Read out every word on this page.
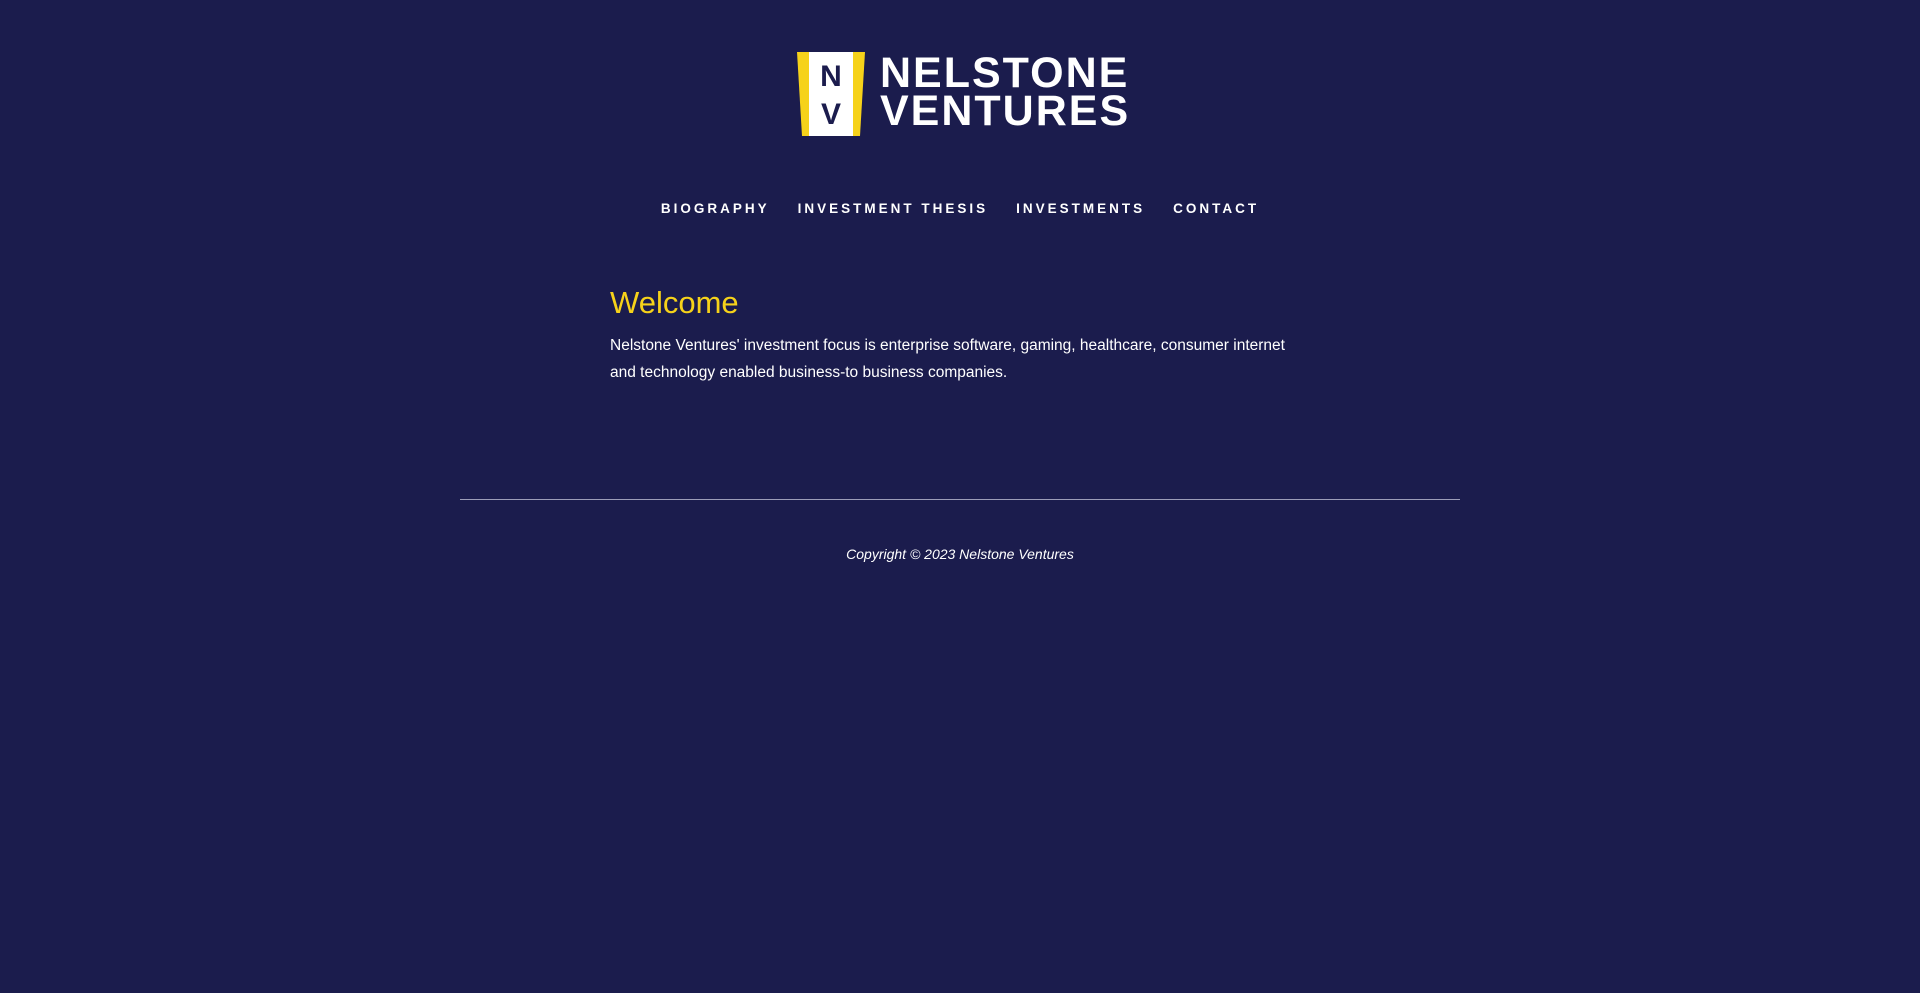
N
V
NELSTONE
VENTURES
BIOGRAPHY INVESTMENT THESIS INVESTMENTS CONTACT
Welcome

Nelstone Ventures' investment focus is enterprise software, gaming, healthcare, consumer internet and technology enabled business-to business companies.

Copyright © 2023 Nelstone Ventures
